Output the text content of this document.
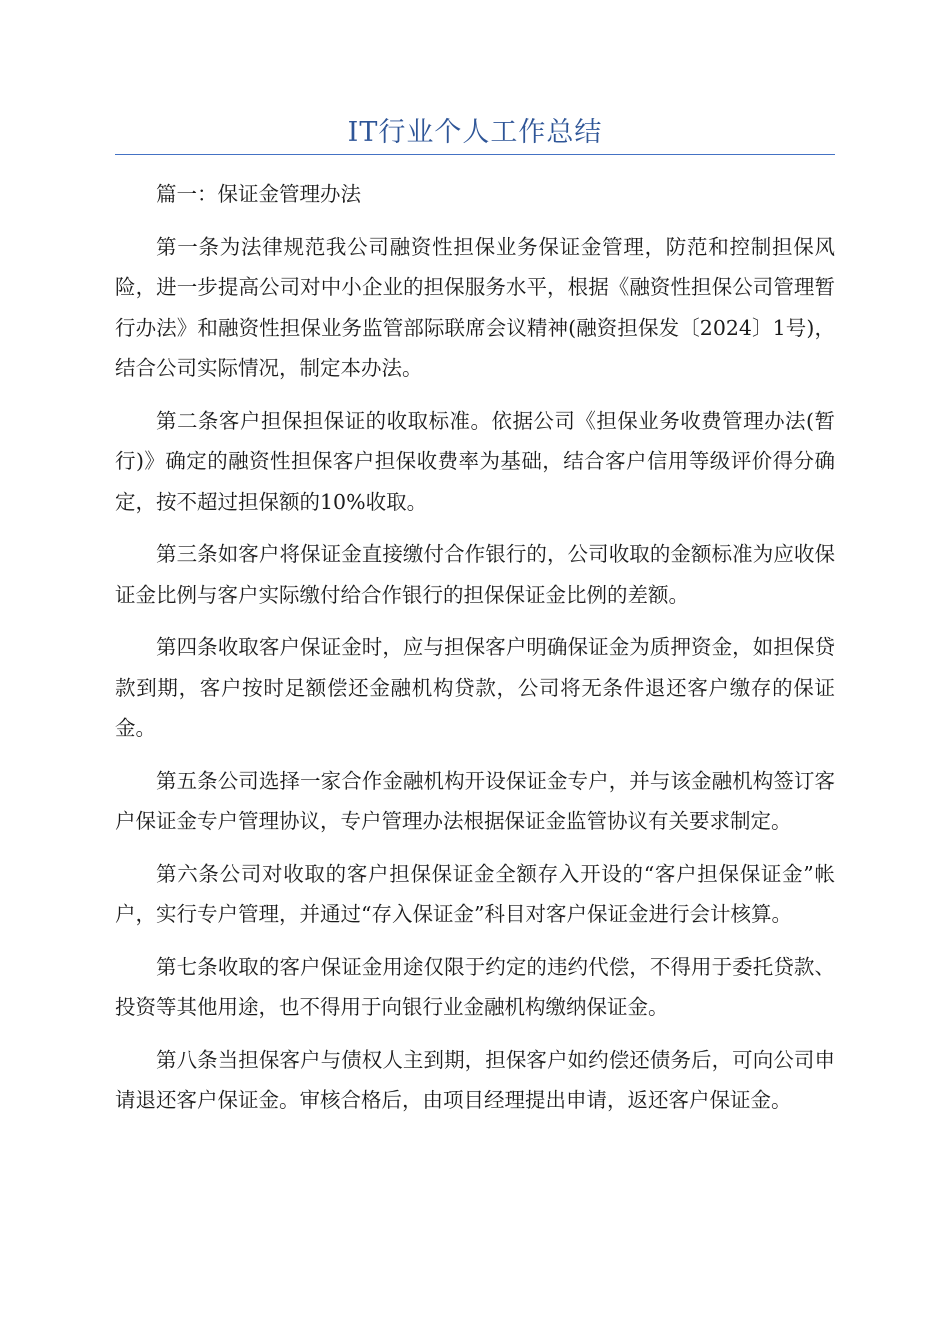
IT行业个人工作总结

篇一：保证金管理办法

第一条为法律规范我公司融资性担保业务保证金管理，防范和控制担保风险，进一步提高公司对中小企业的担保服务水平，根据《融资性担保公司管理暂行办法》和融资性担保业务监管部际联席会议精神(融资担保发〔2024〕1号)，结合公司实际情况，制定本办法。

第二条客户担保担保证的收取标准。依据公司《担保业务收费管理办法(暂行)》确定的融资性担保客户担保收费率为基础，结合客户信用等级评价得分确定，按不超过担保额的10%收取。

第三条如客户将保证金直接缴付合作银行的，公司收取的金额标准为应收保证金比例与客户实际缴付给合作银行的担保保证金比例的差额。

第四条收取客户保证金时，应与担保客户明确保证金为质押资金，如担保贷款到期，客户按时足额偿还金融机构贷款，公司将无条件退还客户缴存的保证金。

第五条公司选择一家合作金融机构开设保证金专户，并与该金融机构签订客户保证金专户管理协议，专户管理办法根据保证金监管协议有关要求制定。

第六条公司对收取的客户担保保证金全额存入开设的“客户担保保证金”帐户，实行专户管理，并通过“存入保证金”科目对客户保证金进行会计核算。

第七条收取的客户保证金用途仅限于约定的违约代偿，不得用于委托贷款、投资等其他用途，也不得用于向银行业金融机构缴纳保证金。

第八条当担保客户与债权人主到期，担保客户如约偿还债务后，可向公司申请退还客户保证金。审核合格后，由项目经理提出申请，返还客户保证金。
